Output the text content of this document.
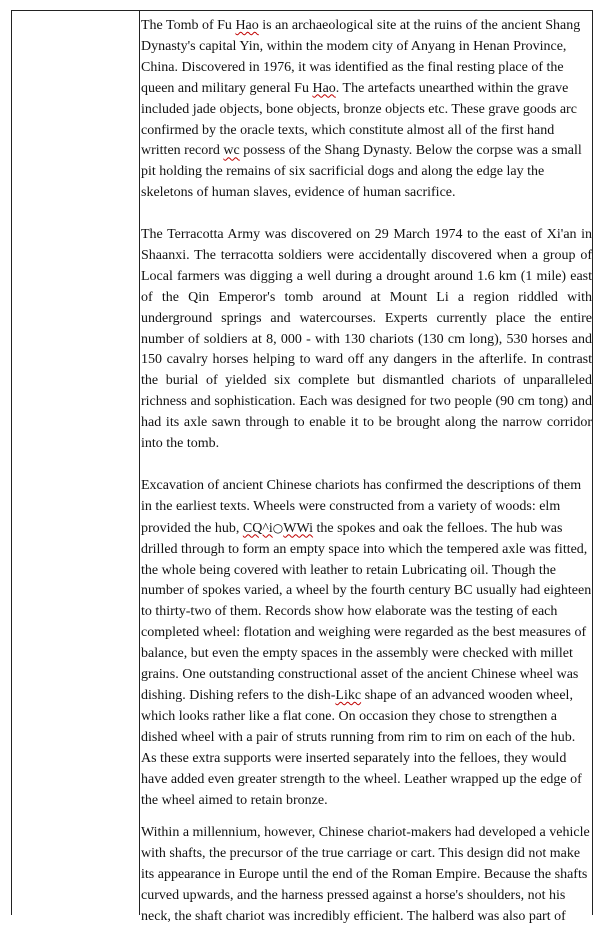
The Tomb of Fu Hao is an archaeological site at the ruins of the ancient Shang Dynasty's capital Yin, within the modem city of Anyang in Henan Province, China. Discovered in 1976, it was identified as the final resting place of the queen and military general Fu Hao. The artefacts unearthed within the grave included jade objects, bone objects, bronze objects etc. These grave goods arc confirmed by the oracle texts, which constitute almost all of the first hand written record wc possess of the Shang Dynasty. Below the corpse was a small pit holding the remains of six sacrificial dogs and along the edge lay the skeletons of human slaves, evidence of human sacrifice.

The Terracotta Army was discovered on 29 March 1974 to the east of Xi'an in Shaanxi. The terracotta soldiers were accidentally discovered when a group of Local farmers was digging a well during a drought around 1.6 km (1 mile) east of the Qin Emperor's tomb around at Mount Li a region riddled with underground springs and watercourses. Experts currently place the entire number of soldiers at 8, 000 - with 130 chariots (130 cm long), 530 horses and 150 cavalry horses helping to ward off any dangers in the afterlife. In contrast the burial of yielded six complete but dismantled chariots of unparalleled richness and sophistication. Each was designed for two people (90 cm tong) and had its axle sawn through to enable it to be brought along the narrow corridor into the tomb.

Excavation of ancient Chinese chariots has confirmed the descriptions of them in the earliest texts. Wheels were constructed from a variety of woods: elm provided the hub, CQ^i○WWi the spokes and oak the felloes. The hub was drilled through to form an empty space into which the tempered axle was fitted, the whole being covered with leather to retain Lubricating oil. Though the number of spokes varied, a wheel by the fourth century BC usually had eighteen to thirty-two of them. Records show how elaborate was the testing of each completed wheel: flotation and weighing were regarded as the best measures of balance, but even the empty spaces in the assembly were checked with millet grains. One outstanding constructional asset of the ancient Chinese wheel was dishing. Dishing refers to the dish-Likc shape of an advanced wooden wheel, which looks rather like a flat cone. On occasion they chose to strengthen a dished wheel with a pair of struts running from rim to rim on each of the hub. As these extra supports were inserted separately into the felloes, they would have added even greater strength to the wheel. Leather wrapped up the edge of the wheel aimed to retain bronze.

Within a millennium, however, Chinese chariot-makers had developed a vehicle with shafts, the precursor of the true carriage or cart. This design did not make its appearance in Europe until the end of the Roman Empire. Because the shafts curved upwards, and the harness pressed against a horse's shoulders, not his neck, the shaft chariot was incredibly efficient. The halberd was also part of
